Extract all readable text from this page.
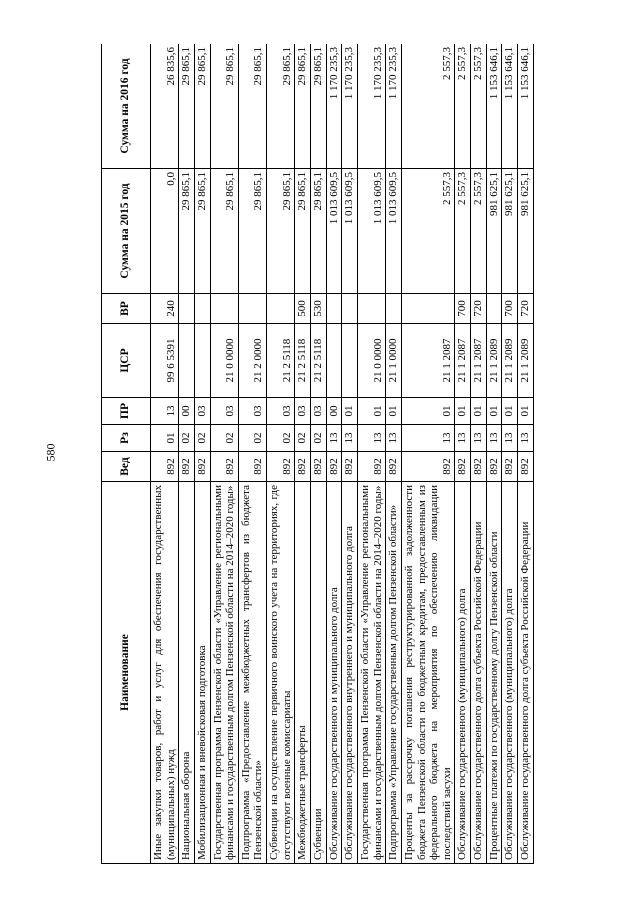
580
Наименование	Вед	Рз	ПР	ЦСР	ВР	Сумма на 2015 год	Сумма на 2016 год
Иные закупки товаров, работ и услуг для обеспечения государственных (муниципальных) нужд	892	01	13	99 6 5391	240	0,0	26 835,6
Национальная оборона	892	02	00			29 865,1	29 865,1
Мобилизационная и вневойсковая подготовка	892	02	03			29 865,1	29 865,1
Государственная программа Пензенской области «Управление региональными финансами и государственным долгом Пензенской области на 2014–2020 годы»	892	02	03	21 0 0000		29 865,1	29 865,1
Подпрограмма «Предоставление межбюджетных трансфертов из бюджета Пензенской области»	892	02	03	21 2 0000		29 865,1	29 865,1
Субвенции на осуществление первичного воинского учета на территориях, где отсутствуют военные комиссариаты	892	02	03	21 2 5118		29 865,1	29 865,1
Межбюджетные трансферты	892	02	03	21 2 5118	500	29 865,1	29 865,1
Субвенции	892	02	03	21 2 5118	530	29 865,1	29 865,1
Обслуживание государственного и муниципального долга	892	13	00			1 013 609,5	1 170 235,3
Обслуживание государственного внутреннего и муниципального долга	892	13	01			1 013 609,5	1 170 235,3
Государственная программа Пензенской области «Управление региональными финансами и государственным долгом Пензенской области на 2014–2020 годы»	892	13	01	21 0 0000		1 013 609,5	1 170 235,3
Подпрограмма «Управление государственным долгом Пензенской области»	892	13	01	21 1 0000		1 013 609,5	1 170 235,3
Проценты за рассрочку погашения реструктурированной задолженности бюджета Пензенской области по бюджетным кредитам, предоставленным из федерального бюджета на мероприятия по обеспечению ликвидации последствий засухи	892	13	01	21 1 2087		2 557,3	2 557,3
Обслуживание государственного (муниципального) долга	892	13	01	21 1 2087	700	2 557,3	2 557,3
Обслуживание государственного долга субъекта Российской Федерации	892	13	01	21 1 2087	720	2 557,3	2 557,3
Процентные платежи по государственному долгу Пензенской области	892	13	01	21 1 2089		981 625,1	1 153 646,1
Обслуживание государственного (муниципального) долга	892	13	01	21 1 2089	700	981 625,1	1 153 646,1
Обслуживание государственного долга субъекта Российской Федерации	892	13	01	21 1 2089	720	981 625,1	1 153 646,1
